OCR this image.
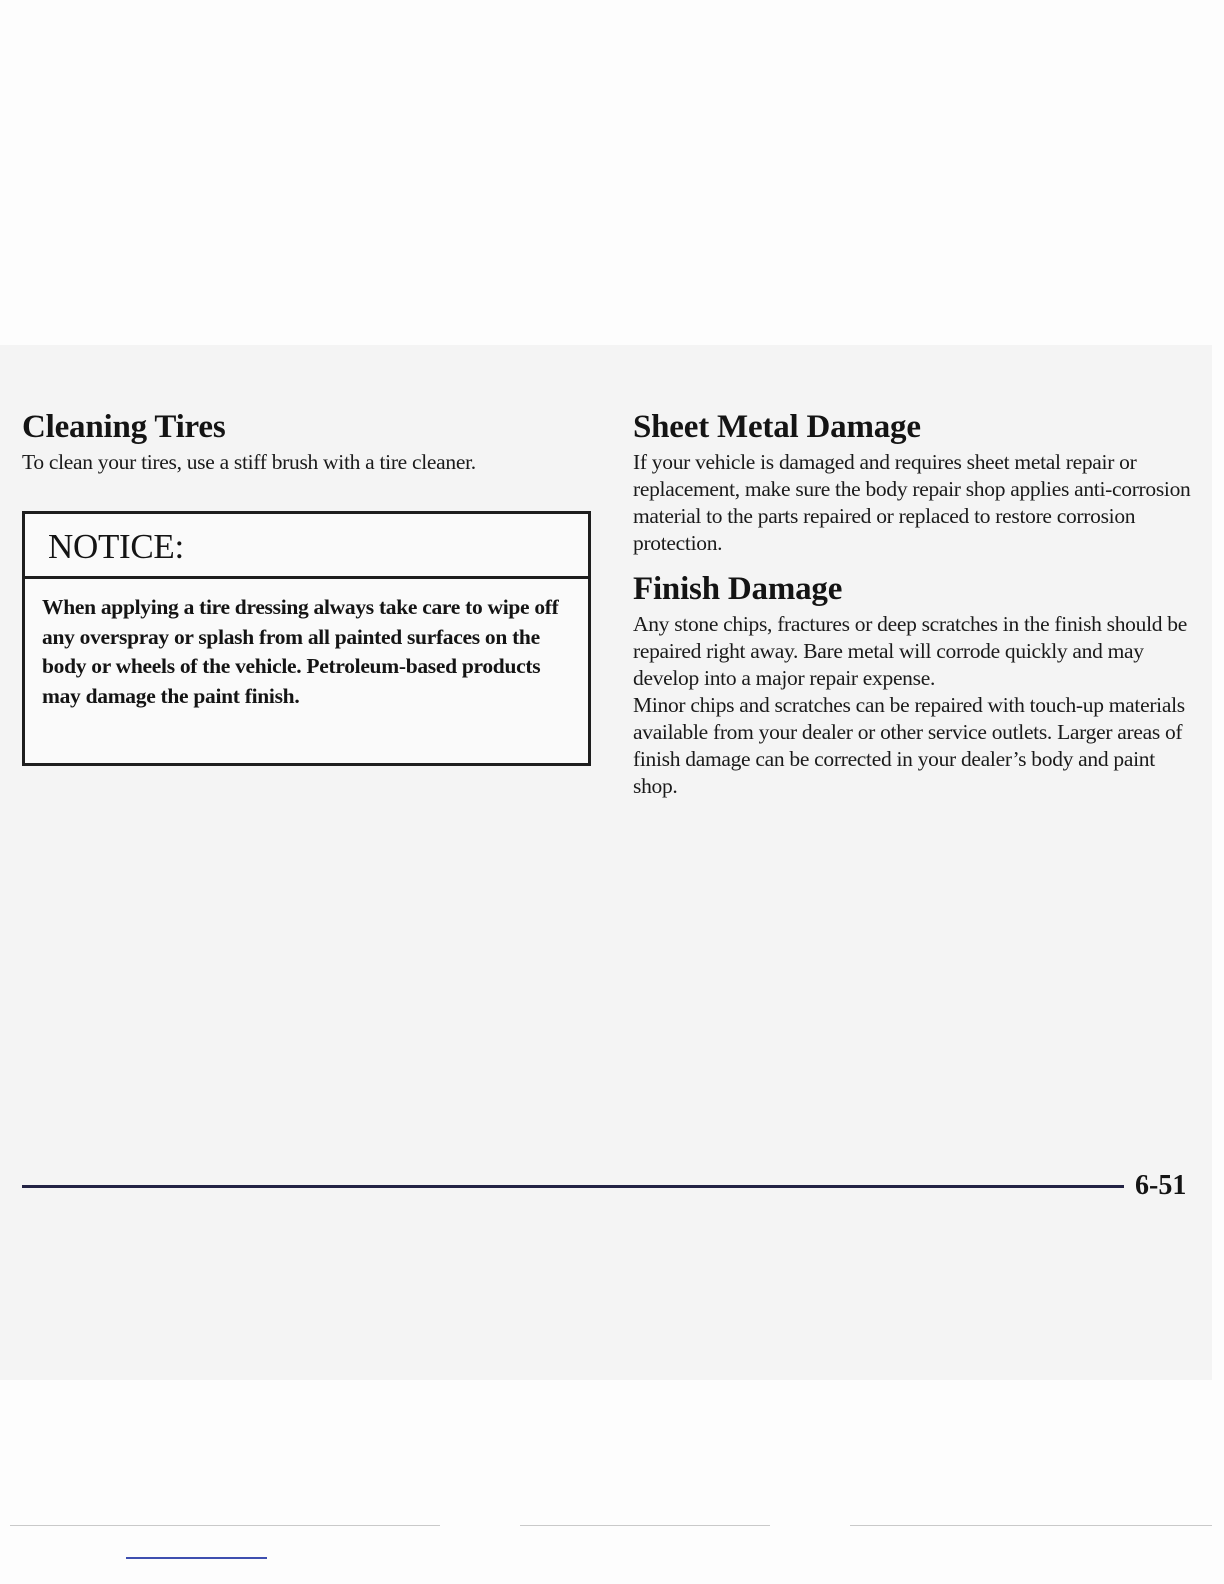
Cleaning Tires

To clean your tires, use a stiff brush with a tire cleaner.

NOTICE:
When applying a tire dressing always take care to wipe off any overspray or splash from all painted surfaces on the body or wheels of the vehicle. Petroleum-based products may damage the paint finish.
Sheet Metal Damage

If your vehicle is damaged and requires sheet metal repair or replacement, make sure the body repair shop applies anti-corrosion material to the parts repaired or replaced to restore corrosion protection.

Finish Damage

Any stone chips, fractures or deep scratches in the finish should be repaired right away. Bare metal will corrode quickly and may develop into a major repair expense.

Minor chips and scratches can be repaired with touch-up materials available from your dealer or other service outlets. Larger areas of finish damage can be corrected in your dealer’s body and paint shop.

6-51
